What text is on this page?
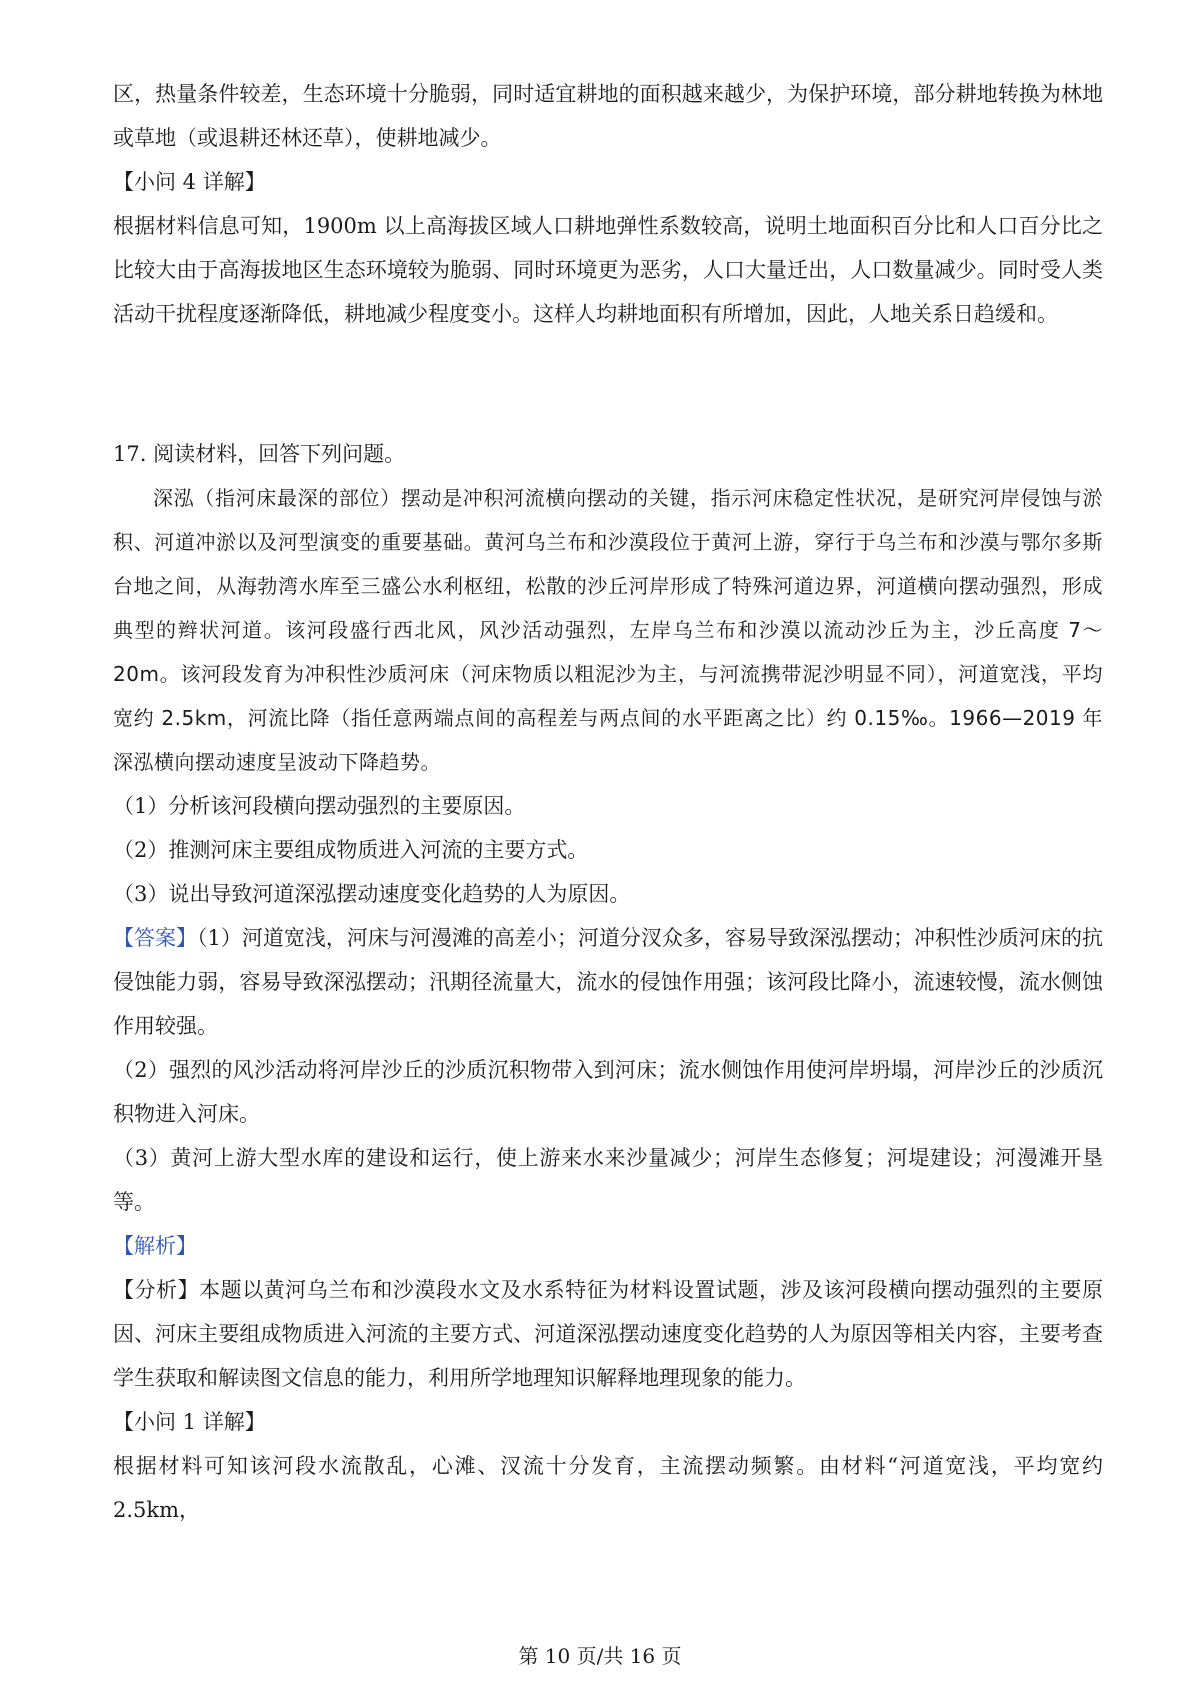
区，热量条件较差，生态环境十分脆弱，同时适宜耕地的面积越来越少，为保护环境，部分耕地转换为林地或草地（或退耕还林还草），使耕地减少。

【小问 4 详解】

根据材料信息可知，1900m 以上高海拔区域人口耕地弹性系数较高，说明土地面积百分比和人口百分比之比较大由于高海拔地区生态环境较为脆弱、同时环境更为恶劣，人口大量迁出，人口数量减少。同时受人类活动干扰程度逐渐降低，耕地减少程度变小。这样人均耕地面积有所增加，因此，人地关系日趋缓和。

17. 阅读材料，回答下列问题。

深泓（指河床最深的部位）摆动是冲积河流横向摆动的关键，指示河床稳定性状况，是研究河岸侵蚀与淤积、河道冲淤以及河型演变的重要基础。黄河乌兰布和沙漠段位于黄河上游，穿行于乌兰布和沙漠与鄂尔多斯台地之间，从海勃湾水库至三盛公水利枢纽，松散的沙丘河岸形成了特殊河道边界，河道横向摆动强烈，形成典型的辫状河道。该河段盛行西北风，风沙活动强烈，左岸乌兰布和沙漠以流动沙丘为主，沙丘高度 7～20m。该河段发育为冲积性沙质河床（河床物质以粗泥沙为主，与河流携带泥沙明显不同），河道宽浅，平均宽约 2.5km，河流比降（指任意两端点间的高程差与两点间的水平距离之比）约 0.15‰。1966—2019 年深泓横向摆动速度呈波动下降趋势。

（1）分析该河段横向摆动强烈的主要原因。

（2）推测河床主要组成物质进入河流的主要方式。

（3）说出导致河道深泓摆动速度变化趋势的人为原因。

【答案】（1）河道宽浅，河床与河漫滩的高差小；河道分汊众多，容易导致深泓摆动；冲积性沙质河床的抗侵蚀能力弱，容易导致深泓摆动；汛期径流量大，流水的侵蚀作用强；该河段比降小，流速较慢，流水侧蚀作用较强。

（2）强烈的风沙活动将河岸沙丘的沙质沉积物带入到河床；流水侧蚀作用使河岸坍塌，河岸沙丘的沙质沉积物进入河床。

（3）黄河上游大型水库的建设和运行，使上游来水来沙量减少；河岸生态修复；河堤建设；河漫滩开垦等。

【解析】

【分析】本题以黄河乌兰布和沙漠段水文及水系特征为材料设置试题，涉及该河段横向摆动强烈的主要原因、河床主要组成物质进入河流的主要方式、河道深泓摆动速度变化趋势的人为原因等相关内容，主要考查学生获取和解读图文信息的能力，利用所学地理知识解释地理现象的能力。

【小问 1 详解】

根据材料可知该河段水流散乱，心滩、汊流十分发育，主流摆动频繁。由材料“河道宽浅，平均宽约 2.5km，

第 10 页/共 16 页
